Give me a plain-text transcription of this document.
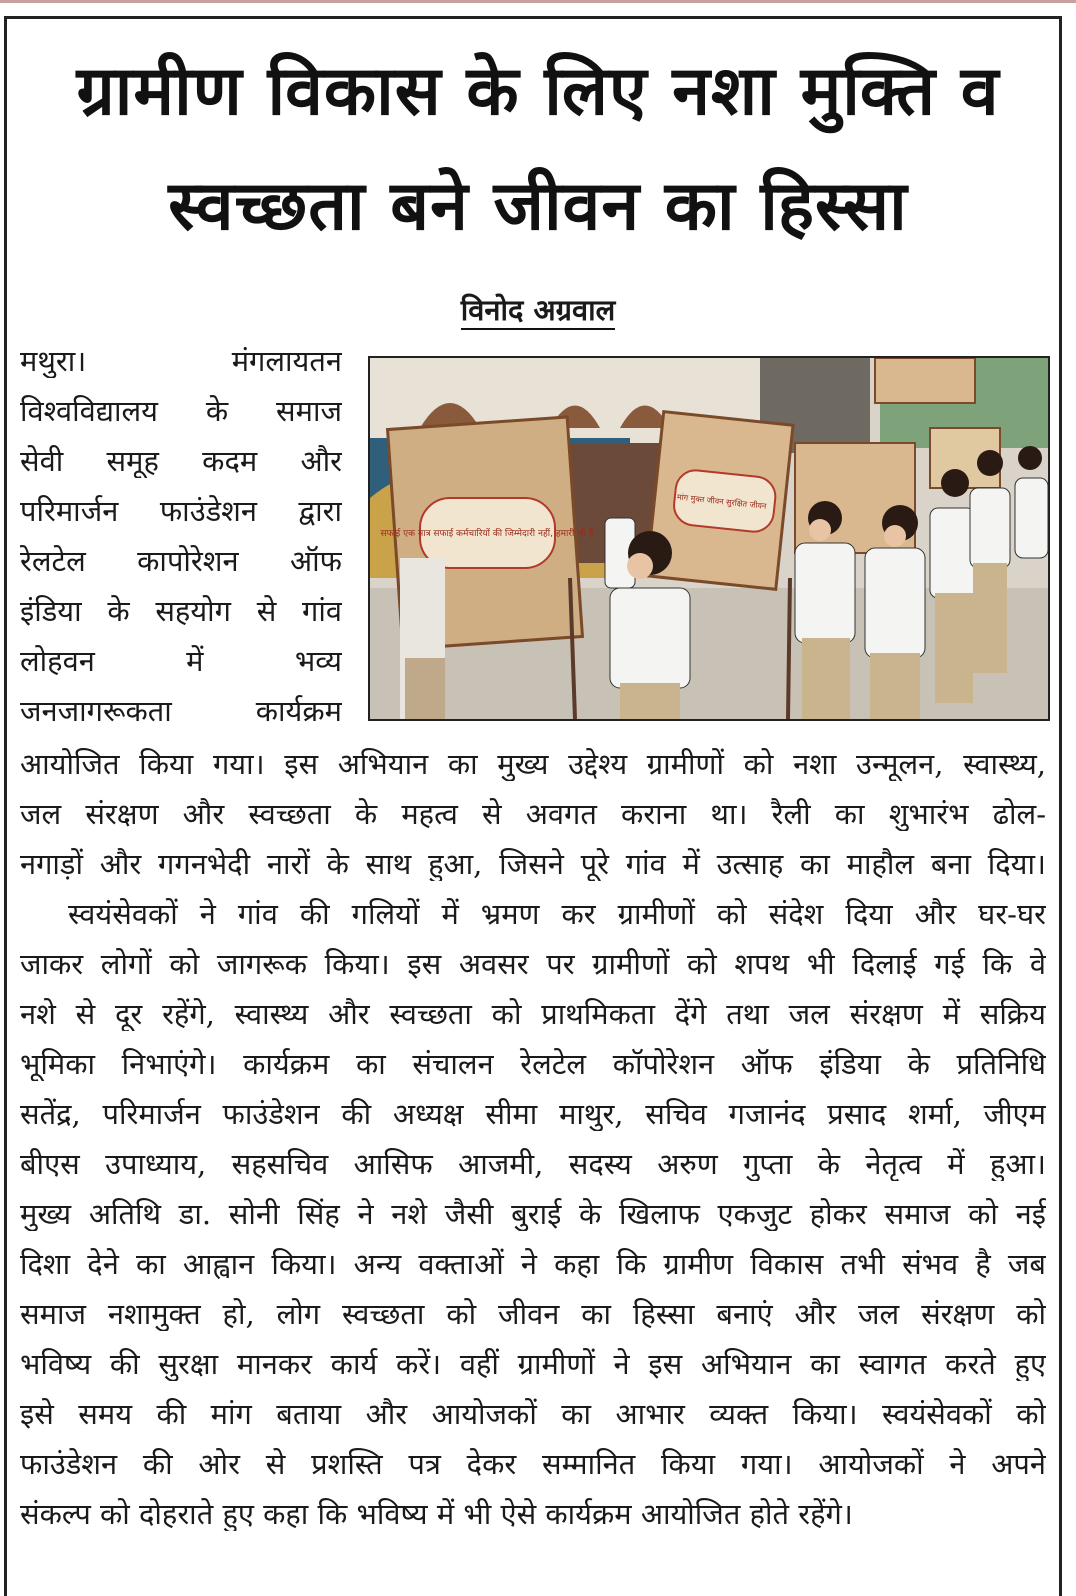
ग्रामीण विकास के लिए नशा मुक्ति व
स्वच्छता बने जीवन का हिस्सा
विनोद अग्रवाल
मथुरा। मंगलायतन
विश्वविद्यालय के समाज
सेवी समूह कदम और
परिमार्जन फाउंडेशन द्वारा
रेलटेल कापोरेशन ऑफ
इंडिया के सहयोग से गांव
लोहवन में भव्य
जनजागरूकता कार्यक्रम
सफाई एक मात्र सफाई कर्मचारियों की जिम्मेदारी नहीं, हमारी भी है
मांग मुक्त जीवन सुरक्षित जीवन
आयोजित किया गया। इस अभियान का मुख्य उद्देश्य ग्रामीणों को नशा उन्मूलन, स्वास्थ्य,
जल संरक्षण और स्वच्छता के महत्व से अवगत कराना था। रैली का शुभारंभ ढोल-
नगाड़ों और गगनभेदी नारों के साथ हुआ, जिसने पूरे गांव में उत्साह का माहौल बना दिया।
स्वयंसेवकों ने गांव की गलियों में भ्रमण कर ग्रामीणों को संदेश दिया और घर-घर
जाकर लोगों को जागरूक किया। इस अवसर पर ग्रामीणों को शपथ भी दिलाई गई कि वे
नशे से दूर रहेंगे, स्वास्थ्य और स्वच्छता को प्राथमिकता देंगे तथा जल संरक्षण में सक्रिय
भूमिका निभाएंगे। कार्यक्रम का संचालन रेलटेल कॉपोरेशन ऑफ इंडिया के प्रतिनिधि
सतेंद्र, परिमार्जन फाउंडेशन की अध्यक्ष सीमा माथुर, सचिव गजानंद प्रसाद शर्मा, जीएम
बीएस उपाध्याय, सहसचिव आसिफ आजमी, सदस्य अरुण गुप्ता के नेतृत्व में हुआ।
मुख्य अतिथि डा. सोनी सिंह ने नशे जैसी बुराई के खिलाफ एकजुट होकर समाज को नई
दिशा देने का आह्वान किया। अन्य वक्ताओं ने कहा कि ग्रामीण विकास तभी संभव है जब
समाज नशामुक्त हो, लोग स्वच्छता को जीवन का हिस्सा बनाएं और जल संरक्षण को
भविष्य की सुरक्षा मानकर कार्य करें। वहीं ग्रामीणों ने इस अभियान का स्वागत करते हुए
इसे समय की मांग बताया और आयोजकों का आभार व्यक्त किया। स्वयंसेवकों को
फाउंडेशन की ओर से प्रशस्ति पत्र देकर सम्मानित किया गया। आयोजकों ने अपने
संकल्प को दोहराते हुए कहा कि भविष्य में भी ऐसे कार्यक्रम आयोजित होते रहेंगे।
